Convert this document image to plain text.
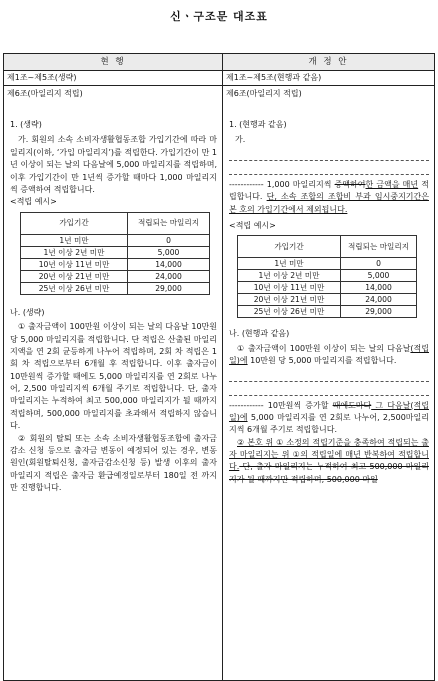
신ㆍ구조문 대조표
현 행
제1조~제5조(생략)
제6조(마일리지 적립)

1. (생략)

가. 회원의 소속 소비자생활협동조합 가입기간에 따라 마일리지(이하, ‘가입 마일리지’)를 적립한다. 가입기간이 만 1년 이상이 되는 날의 다음날에 5,000 마일리지를 적립하며, 이후 가입기간이 만 1년씩 증가할 때마다 1,000 마일리지씩 증액하여 적립합니다.

<적립 예시>

가입기간	적립되는 마일리지
1년 미만	0
1년 이상 2년 미만	5,000
10년 이상 11년 미만	14,000
20년 이상 21년 미만	24,000
25년 이상 26년 미만	29,000

나. (생략)

① 출자금액이 100만원 이상이 되는 날의 다음날 10만원 당 5,000 마일리지를 적립합니다. 단 적립은 산출된 마일리지액을 연 2회 균등하게 나누어 적립하며, 2회 차 적립은 1회 차 적립으로부터 6개월 후 적립합니다. 이후 출자금이 10만원씩 증가할 때에도 5,000 마일리지를 연 2회로 나누어, 2,500 마일리지씩 6개월 주기로 적립합니다. 단, 출자 마일리지는 누적하여 최고 500,000 마일리지가 될 때까지 적립하며, 500,000 마일리지를 초과해서 적립하지 않습니다.

② 회원의 탈퇴 또는 소속 소비자생활협동조합에 출자금 감소 신청 등으로 출자금 변동이 예정되어 있는 경우, 변동원인(회원탈퇴신청, 출자금감소신청 등) 발생 이후의 출자 마일리지 적립은 출자금 환급예정일로부터 180일 전 까지만 진행합니다.

개 정 안
제1조~제5조(현행과 같음)
제6조(마일리지 적립)

1. (현행과 같음)

가.

------------ 1,000 마일리지씩 증액하여한 금액을 매년 적립합니다. 단, 소속 조합의 조합비 부과 임시중지기간은 본 호의 가입기간에서 제외됩니다.

<적립 예시>

가입기간	적립되는 마일리지
1년 미만	0
1년 이상 2년 미만	5,000
10년 이상 11년 미만	14,000
20년 이상 21년 미만	24,000
25년 이상 26년 미만	29,000

나. (현행과 같음)

① 출자금액이 100만원 이상이 되는 날의 다음날(적립일)에 10만원 당 5,000 마일리지를 적립합니다.

------------ 10만원씩 증가할 때에도마다 그 다음날(적립일)에 5,000 마일리지를 연 2회로 나누어, 2,500마일리지씩 6개월 주기로 적립합니다.

② 본호 위 ① 소정의 적립기준을 충족하여 적립되는 출자 마일리지는 위 ①의 적립일에 매년 반복하여 적립합니다. 단, 출자 마일리지는 누적하여 최고 500,000 마일리지가 될 때까지만 적립하며, 500,000 마일
